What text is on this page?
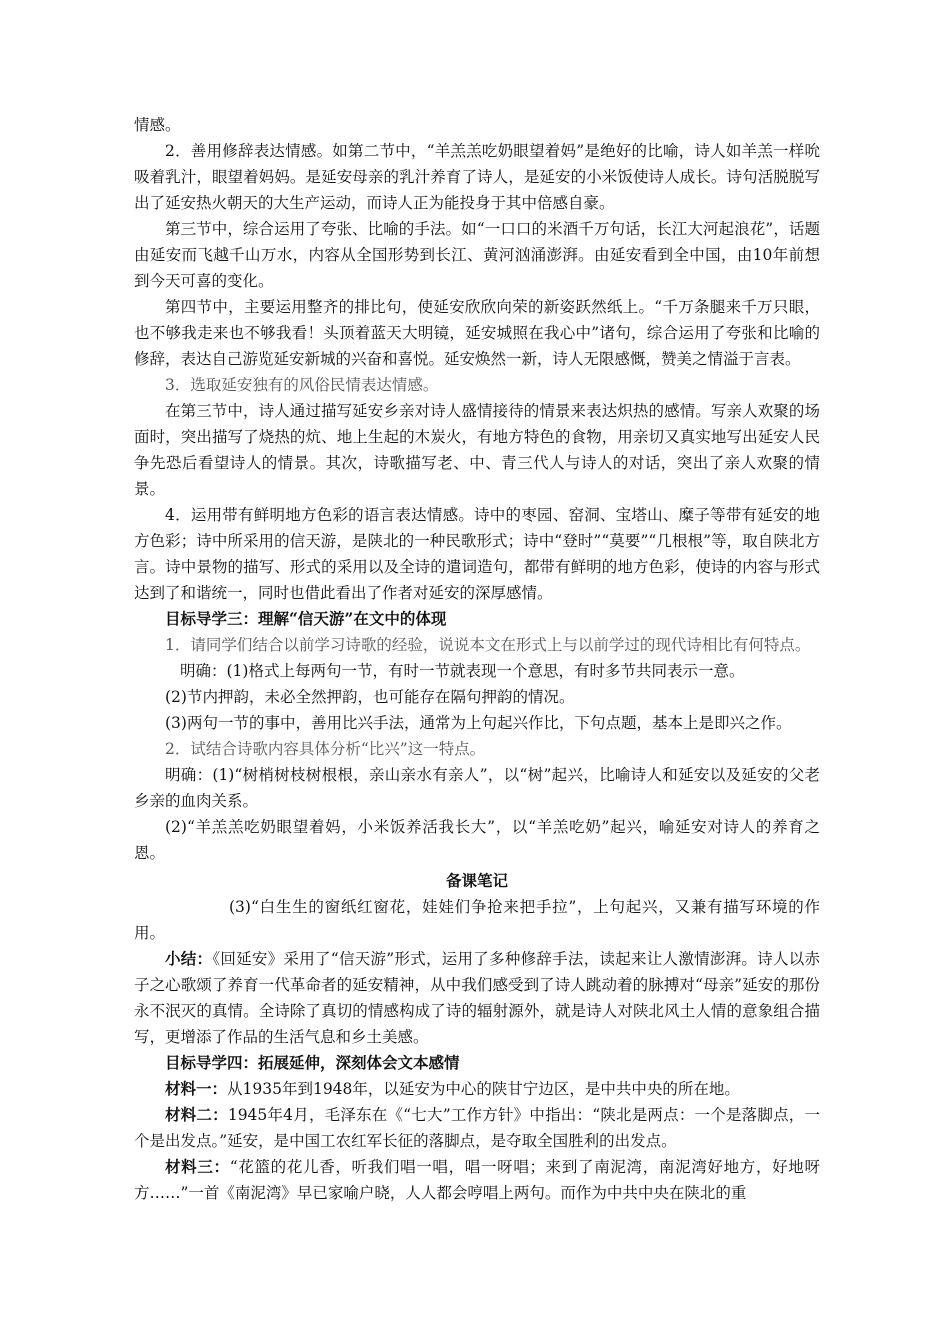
情感。

2．善用修辞表达情感。如第二节中，“羊羔羔吃奶眼望着妈”是绝好的比喻，诗人如羊羔一样吮吸着乳汁，眼望着妈妈。是延安母亲的乳汁养育了诗人，是延安的小米饭使诗人成长。诗句活脱脱写出了延安热火朝天的大生产运动，而诗人正为能投身于其中倍感自豪。

第三节中，综合运用了夸张、比喻的手法。如“一口口的米酒千万句话，长江大河起浪花”，话题由延安而飞越千山万水，内容从全国形势到长江、黄河汹涌澎湃。由延安看到全中国，由10年前想到今天可喜的变化。

第四节中，主要运用整齐的排比句，使延安欣欣向荣的新姿跃然纸上。“千万条腿来千万只眼，也不够我走来也不够我看！头顶着蓝天大明镜，延安城照在我心中”诸句，综合运用了夸张和比喻的修辞，表达自己游览延安新城的兴奋和喜悦。延安焕然一新，诗人无限感慨，赞美之情溢于言表。

3．选取延安独有的风俗民情表达情感。

在第三节中，诗人通过描写延安乡亲对诗人盛情接待的情景来表达炽热的感情。写亲人欢聚的场面时，突出描写了烧热的炕、地上生起的木炭火，有地方特色的食物，用亲切又真实地写出延安人民争先恐后看望诗人的情景。其次，诗歌描写老、中、青三代人与诗人的对话，突出了亲人欢聚的情景。

4．运用带有鲜明地方色彩的语言表达情感。诗中的枣园、窑洞、宝塔山、糜子等带有延安的地方色彩；诗中所采用的信天游，是陕北的一种民歌形式；诗中“登时”“莫要”“几根根”等，取自陕北方言。诗中景物的描写、形式的采用以及全诗的遣词造句，都带有鲜明的地方色彩，使诗的内容与形式达到了和谐统一，同时也借此看出了作者对延安的深厚感情。

目标导学三：理解“信天游”在文中的体现

1．请同学们结合以前学习诗歌的经验，说说本文在形式上与以前学过的现代诗相比有何特点。

明确：(1)格式上每两句一节，有时一节就表现一个意思，有时多节共同表示一意。

(2)节内押韵，未必全然押韵，也可能存在隔句押韵的情况。

(3)两句一节的事中，善用比兴手法，通常为上句起兴作比，下句点题，基本上是即兴之作。

2．试结合诗歌内容具体分析“比兴”这一特点。

明确：(1)“树梢树枝树根根，亲山亲水有亲人”，以“树”起兴，比喻诗人和延安以及延安的父老乡亲的血肉关系。

(2)“羊羔羔吃奶眼望着妈，小米饭养活我长大”，以“羊羔吃奶”起兴，喻延安对诗人的养育之恩。

备课笔记

(3)“白生生的窗纸红窗花，娃娃们争抢来把手拉”，上句起兴，又兼有描写环境的作用。

小结：《回延安》采用了“信天游”形式，运用了多种修辞手法，读起来让人激情澎湃。诗人以赤子之心歌颂了养育一代革命者的延安精神，从中我们感受到了诗人跳动着的脉搏对“母亲”延安的那份永不泯灭的真情。全诗除了真切的情感构成了诗的辐射源外，就是诗人对陕北风土人情的意象组合描写，更增添了作品的生活气息和乡土美感。

目标导学四：拓展延伸，深刻体会文本感情

材料一：从1935年到1948年，以延安为中心的陕甘宁边区，是中共中央的所在地。

材料二：1945年4月，毛泽东在《“七大”工作方针》中指出：“陕北是两点：一个是落脚点，一个是出发点。”延安，是中国工农红军长征的落脚点，是夺取全国胜利的出发点。

材料三：“花篮的花儿香，听我们唱一唱，唱一呀唱；来到了南泥湾，南泥湾好地方，好地呀方……”一首《南泥湾》早已家喻户晓，人人都会哼唱上两句。而作为中共中央在陕北的重
